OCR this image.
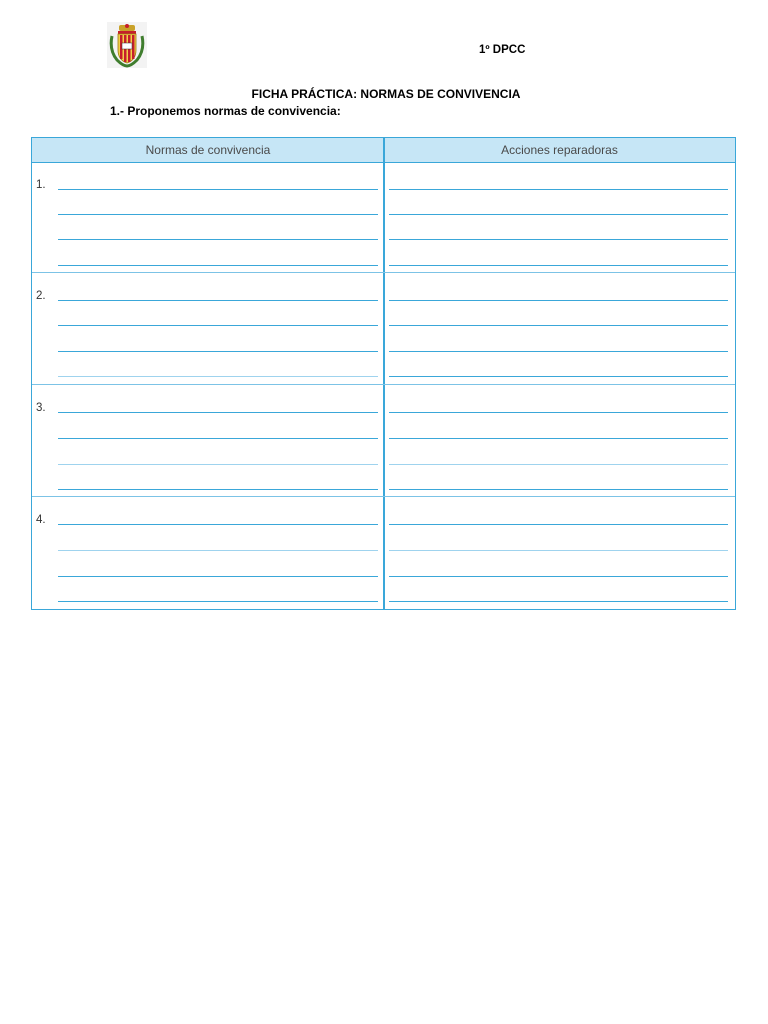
1º DPCC
FICHA PRÁCTICA: NORMAS DE CONVIVENCIA
1.- Proponemos normas de convivencia:
Normas de convivencia	Acciones reparadoras
1.
2.
3.
4.
